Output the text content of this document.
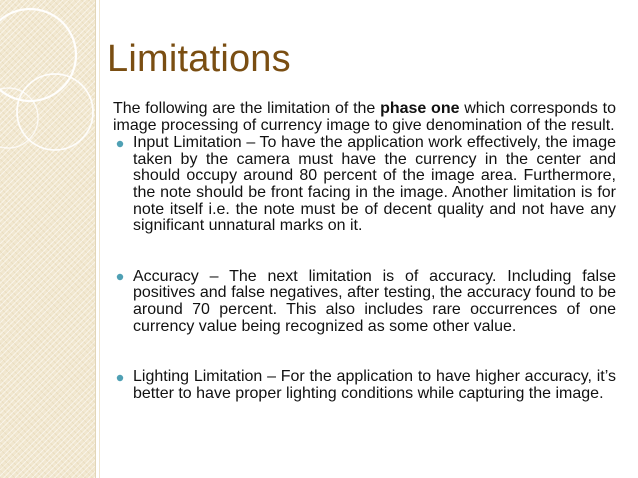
Limitations

The following are the limitation of the phase one which corresponds to image processing of currency image to give denomination of the result.

Input Limitation – To have the application work effectively, the image taken by the camera must have the currency in the center and should occupy around 80 percent of the image area. Furthermore, the note should be front facing in the image. Another limitation is for note itself i.e. the note must be of decent quality and not have any significant unnatural marks on it.
Accuracy – The next limitation is of accuracy. Including false positives and false negatives, after testing, the accuracy found to be around 70 percent. This also includes rare occurrences of one currency value being recognized as some other value.
Lighting Limitation – For the application to have higher accuracy, it’s better to have proper lighting conditions while capturing the image.
